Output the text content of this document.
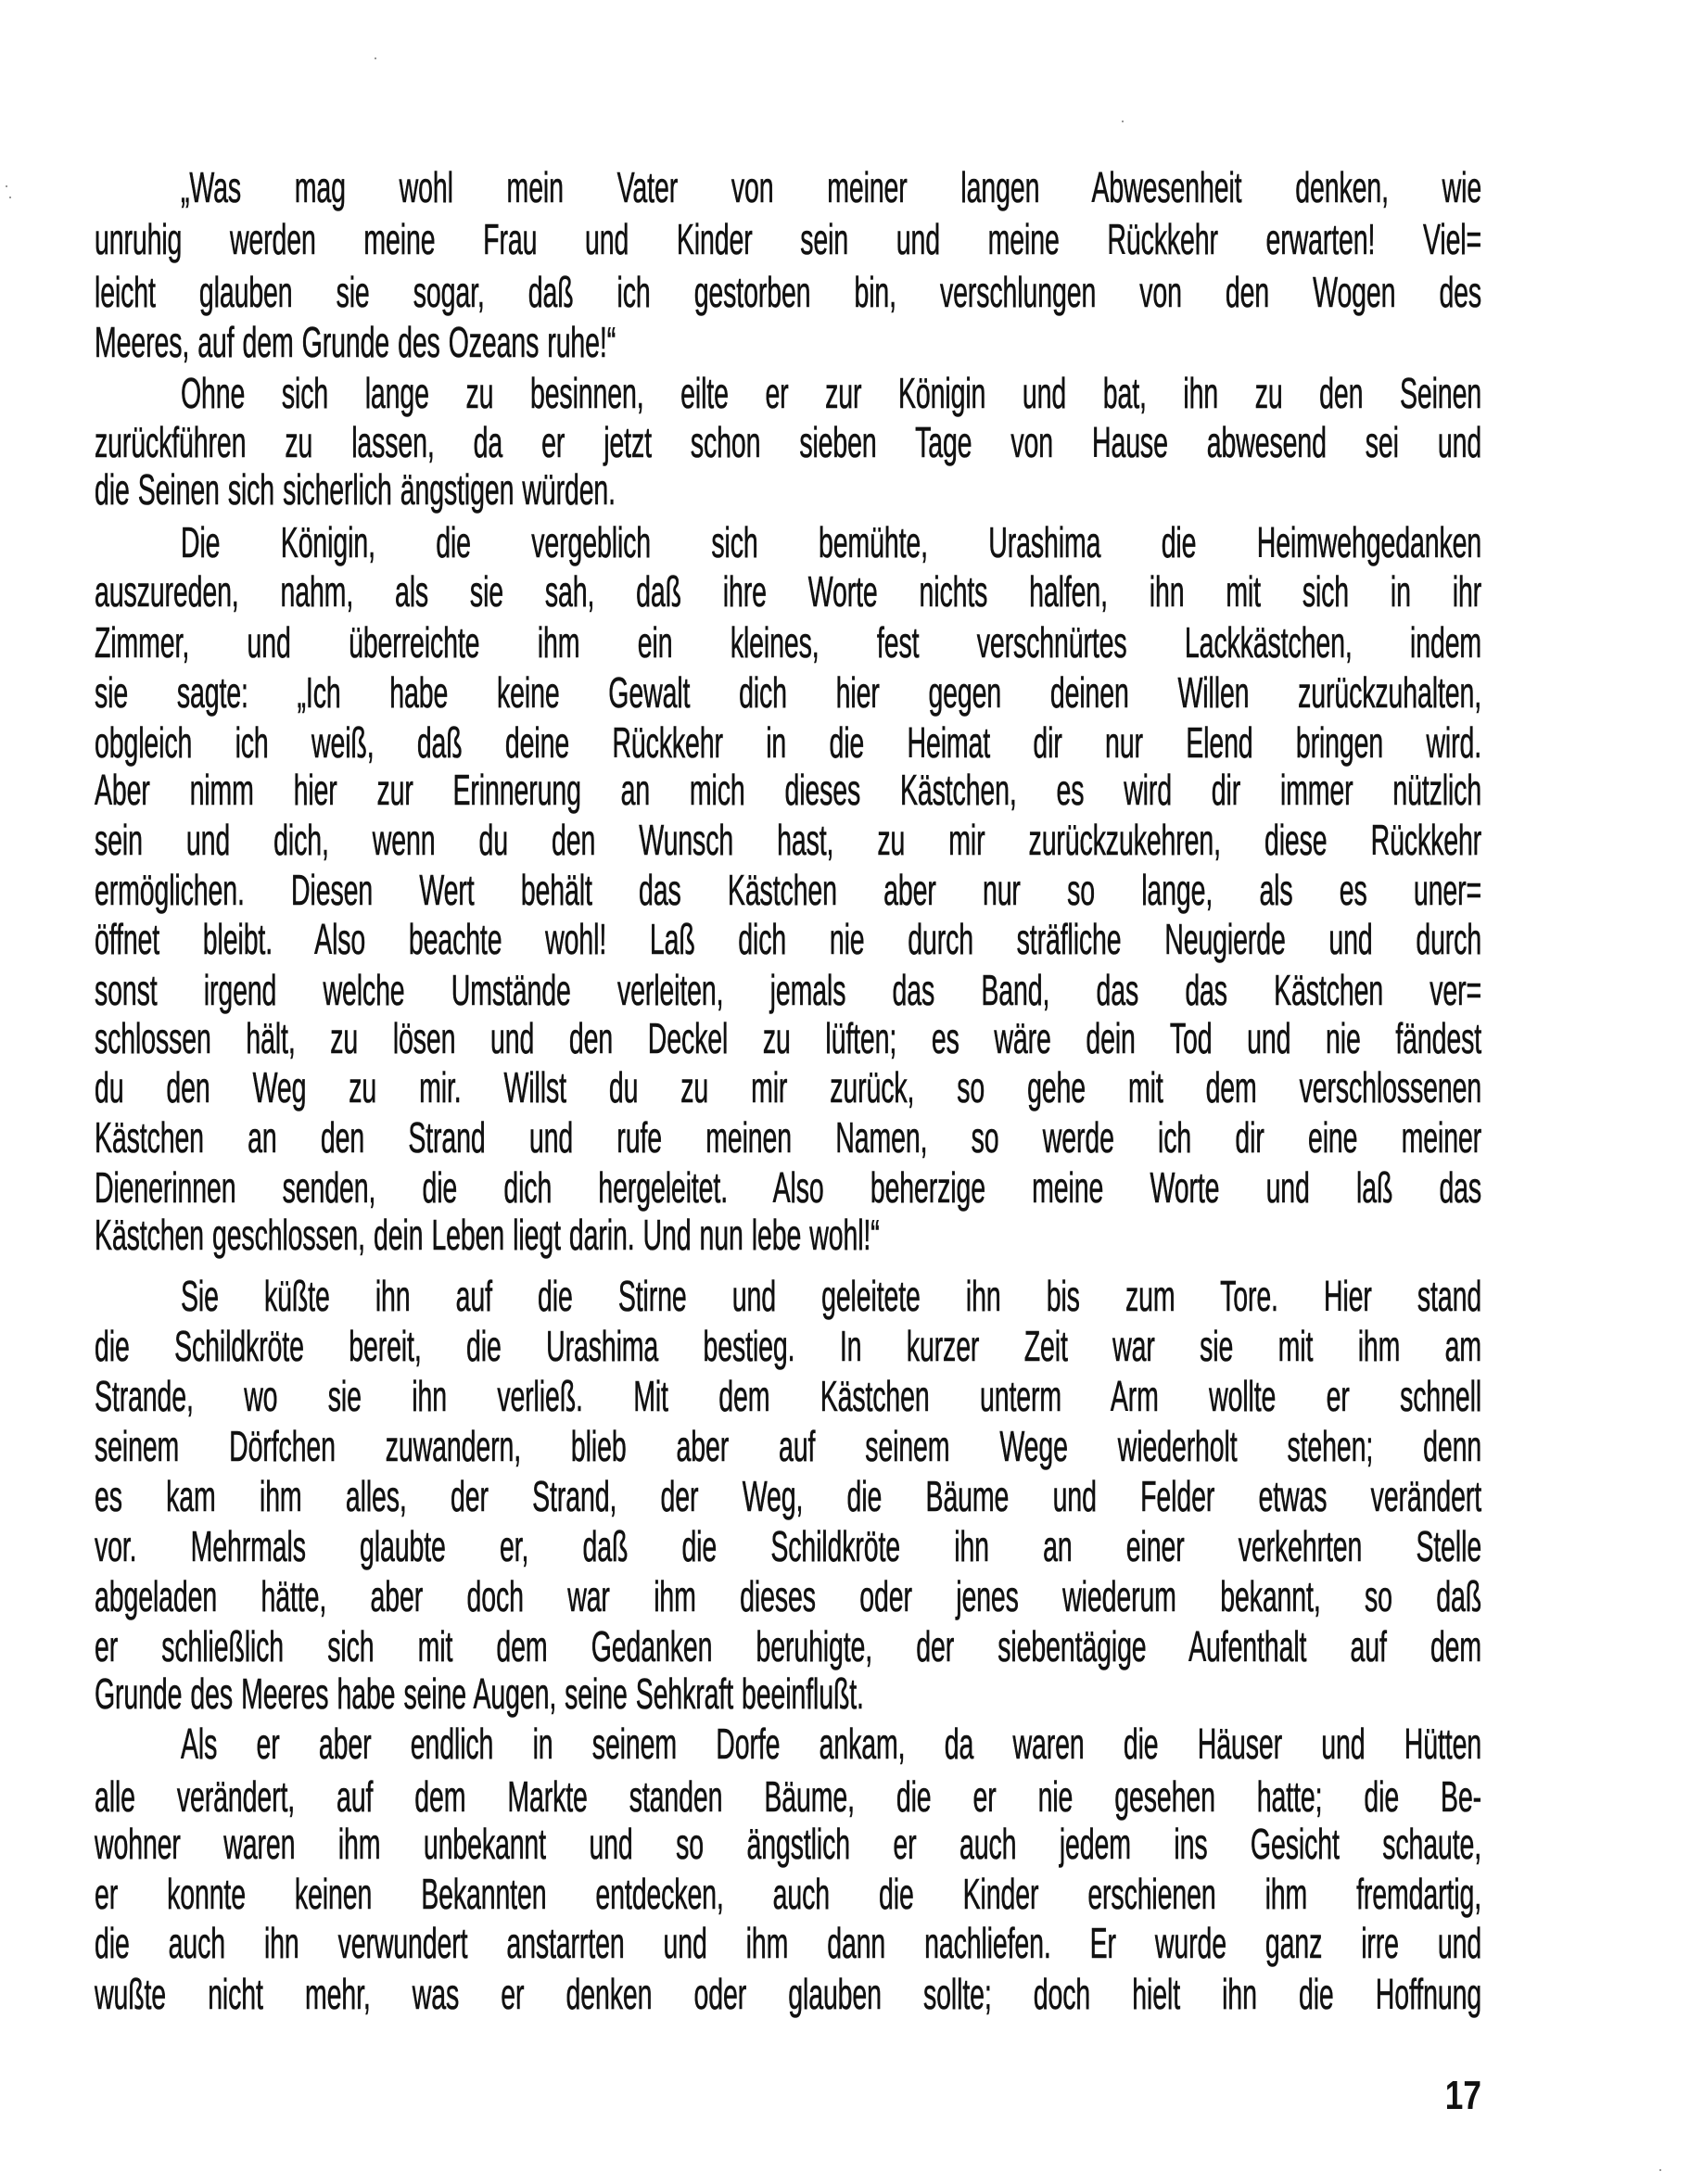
„Was mag wohl mein Vater von meiner langen Abwesenheit denken, wie
unruhig werden meine Frau und Kinder sein und meine Rückkehr erwarten! Viel=
leicht glauben sie sogar, daß ich gestorben bin, verschlungen von den Wogen des
Meeres, auf dem Grunde des Ozeans ruhe!“
Ohne sich lange zu besinnen, eilte er zur Königin und bat, ihn zu den Seinen
zurückführen zu lassen, da er jetzt schon sieben Tage von Hause abwesend sei und
die Seinen sich sicherlich ängstigen würden.
Die Königin, die vergeblich sich bemühte, Urashima die Heimwehgedanken
auszureden, nahm, als sie sah, daß ihre Worte nichts halfen, ihn mit sich in ihr
Zimmer, und überreichte ihm ein kleines, fest verschnürtes Lackkästchen, indem
sie sagte: „Ich habe keine Gewalt dich hier gegen deinen Willen zurückzuhalten,
obgleich ich weiß, daß deine Rückkehr in die Heimat dir nur Elend bringen wird.
Aber nimm hier zur Erinnerung an mich dieses Kästchen, es wird dir immer nützlich
sein und dich, wenn du den Wunsch hast, zu mir zurückzukehren, diese Rückkehr
ermöglichen. Diesen Wert behält das Kästchen aber nur so lange, als es uner=
öffnet bleibt. Also beachte wohl! Laß dich nie durch sträfliche Neugierde und durch
sonst irgend welche Umstände verleiten, jemals das Band, das das Kästchen ver=
schlossen hält, zu lösen und den Deckel zu lüften; es wäre dein Tod und nie fändest
du den Weg zu mir. Willst du zu mir zurück, so gehe mit dem verschlossenen
Kästchen an den Strand und rufe meinen Namen, so werde ich dir eine meiner
Dienerinnen senden, die dich hergeleitet. Also beherzige meine Worte und laß das
Kästchen geschlossen, dein Leben liegt darin. Und nun lebe wohl!“
Sie küßte ihn auf die Stirne und geleitete ihn bis zum Tore. Hier stand
die Schildkröte bereit, die Urashima bestieg. In kurzer Zeit war sie mit ihm am
Strande, wo sie ihn verließ. Mit dem Kästchen unterm Arm wollte er schnell
seinem Dörfchen zuwandern, blieb aber auf seinem Wege wiederholt stehen; denn
es kam ihm alles, der Strand, der Weg, die Bäume und Felder etwas verändert
vor. Mehrmals glaubte er, daß die Schildkröte ihn an einer verkehrten Stelle
abgeladen hätte, aber doch war ihm dieses oder jenes wiederum bekannt, so daß
er schließlich sich mit dem Gedanken beruhigte, der siebentägige Aufenthalt auf dem
Grunde des Meeres habe seine Augen, seine Sehkraft beeinflußt.
Als er aber endlich in seinem Dorfe ankam, da waren die Häuser und Hütten
alle verändert, auf dem Markte standen Bäume, die er nie gesehen hatte; die Be-
wohner waren ihm unbekannt und so ängstlich er auch jedem ins Gesicht schaute,
er konnte keinen Bekannten entdecken, auch die Kinder erschienen ihm fremdartig,
die auch ihn verwundert anstarrten und ihm dann nachliefen. Er wurde ganz irre und
wußte nicht mehr, was er denken oder glauben sollte; doch hielt ihn die Hoffnung
17
